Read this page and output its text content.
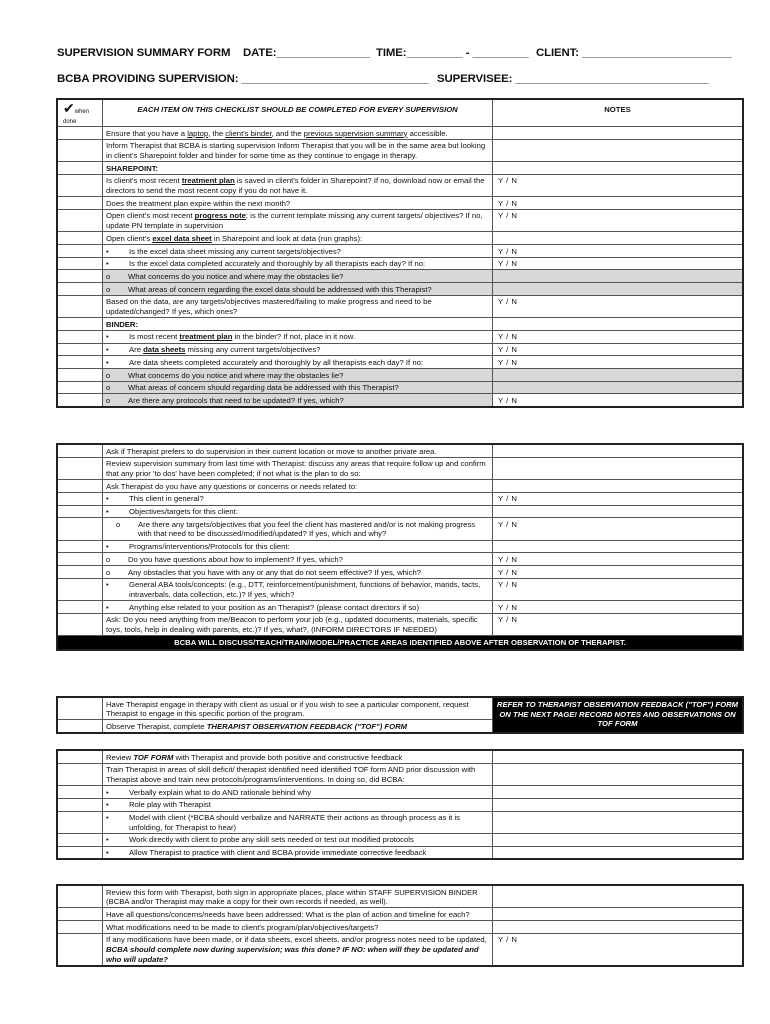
SUPERVISION SUMMARY FORM DATE:_______________ TIME:_________ - _________ CLIENT: ________________________
BCBA PROVIDING SUPERVISION: ______________________________ SUPERVISEE: _______________________________
✔when done	EACH ITEM ON THIS CHECKLIST SHOULD BE COMPLETED FOR EVERY SUPERVISION	NOTES
	Ensure that you have a laptop, the client's binder, and the previous supervision summary accessible.	
	Inform Therapist that BCBA is starting supervision Inform Therapist that you will be in the same area but looking in client's Sharepoint folder and binder for some time as they continue to engage in therapy.	
	SHAREPOINT:	
	Is client's most recent treatment plan is saved in client's folder in Sharepoint? If no, download now or email the directors to send the most recent copy if you do not have it.	Y / N
	Does the treatment plan expire within the next month?	Y / N
	Open client's most recent progress note; is the current template missing any current targets/ objectives? If no, update PN template in supervision	Y / N
	Open client's excel data sheet in Sharepoint and look at data (run graphs):	
	• Is the excel data sheet missing any current targets/objectives?	Y / N
	• Is the excel data completed accurately and thoroughly by all therapists each day? If no:	Y / N
	o What concerns do you notice and where may the obstacles lie?	
	o What areas of concern regarding the excel data should be addressed with this Therapist?	
	Based on the data, are any targets/objectives mastered/failing to make progress and need to be updated/changed? If yes, which ones?	Y / N
	BINDER:	
	• Is most recent treatment plan in the binder? If not, place in it now.	Y / N
	• Are data sheets missing any current targets/objectives?	Y / N
	• Are data sheets completed accurately and thoroughly by all therapists each day? If no:	Y / N
	o What concerns do you notice and where may the obstacles lie?	
	o What areas of concern should regarding data be addressed with this Therapist?	
	o Are there any protocols that need to be updated? If yes, which?	Y / N
	Ask if Therapist prefers to do supervision in their current location or move to another private area.	
	Review supervision summary from last time with Therapist: discuss any areas that require follow up and confirm that any prior 'to dos' have been completed; if not what is the plan to do so:	
	Ask Therapist do you have any questions or concerns or needs related to:	
	• This client in general?	Y / N
	• Objectives/targets for this client:	

	o Are there any targets/objectives that you feel the client has mastered and/or is not making progress with that need to be discussed/modified/updated? If yes, which and why?	Y / N
	• Programs/interventions/Protocols for this client:	
	o Do you have questions about how to implement? If yes, which?	Y / N
	o Any obstacles that you have with any or any that do not seem effective? If yes, which?	Y / N

	• General ABA tools/concepts: (e.g., DTT, reinforcement/punishment, functions of behavior, mands, tacts, intraverbals, data collection, etc.)? If yes, which?	Y / N
	• Anything else related to your position as an Therapist? (please contact directors if so)	Y / N
	Ask: Do you need anything from me/Beacon to perform your job (e.g., updated documents, materials, specific toys, tools, help in dealing with parents, etc.)? If yes, what?, (INFORM DIRECTORS IF NEEDED)	Y / N
BCBA WILL DISCUSS/TEACH/TRAIN/MODEL/PRACTICE AREAS IDENTIFIED ABOVE AFTER OBSERVATION OF THERAPIST.		
	Have Therapist engage in therapy with client as usual or if you wish to see a particular component, request Therapist to engage in this specific portion of the program.	REFER TO THERAPIST OBSERVATION FEEDBACK ("TOF") FORM ON THE NEXT PAGE! RECORD NOTES AND OBSERVATIONS ON TOF FORM
	Observe Therapist, complete THERAPIST OBSERVATION FEEDBACK ("TOF") FORM	
	Review TOF FORM with Therapist and provide both positive and constructive feedback	
	Train Therapist in areas of skill deficit/ therapist identified need identified TOF form AND prior discussion with Therapist above and train new protocols/programs/interventions. In doing so, did BCBA:	
	• Verbally explain what to do AND rationale behind why	
	• Role play with Therapist	

	• Model with client (*BCBA should verbalize and NARRATE their actions as through process as it is unfolding, for Therapist to hear)	

	• Work directly with client to probe any skill sets needed or test out modified protocols	
	• Allow Therapist to practice with client and BCBA provide immediate corrective feedback	
	Review this form with Therapist, both sign in appropriate places, place within STAFF SUPERVISION BINDER (BCBA and/or Therapist may make a copy for their own records if needed, as well).	
	Have all questions/concerns/needs have been addressed: What is the plan of action and timeline for each?	
	What modifications need to be made to client's program/plan/objectives/targets?	
	If any modifications have been made, or if data sheets, excel sheets, and/or progress notes need to be updated, BCBA should complete now during supervision; was this done? IF NO: when will they be updated and who will update?	Y / N
